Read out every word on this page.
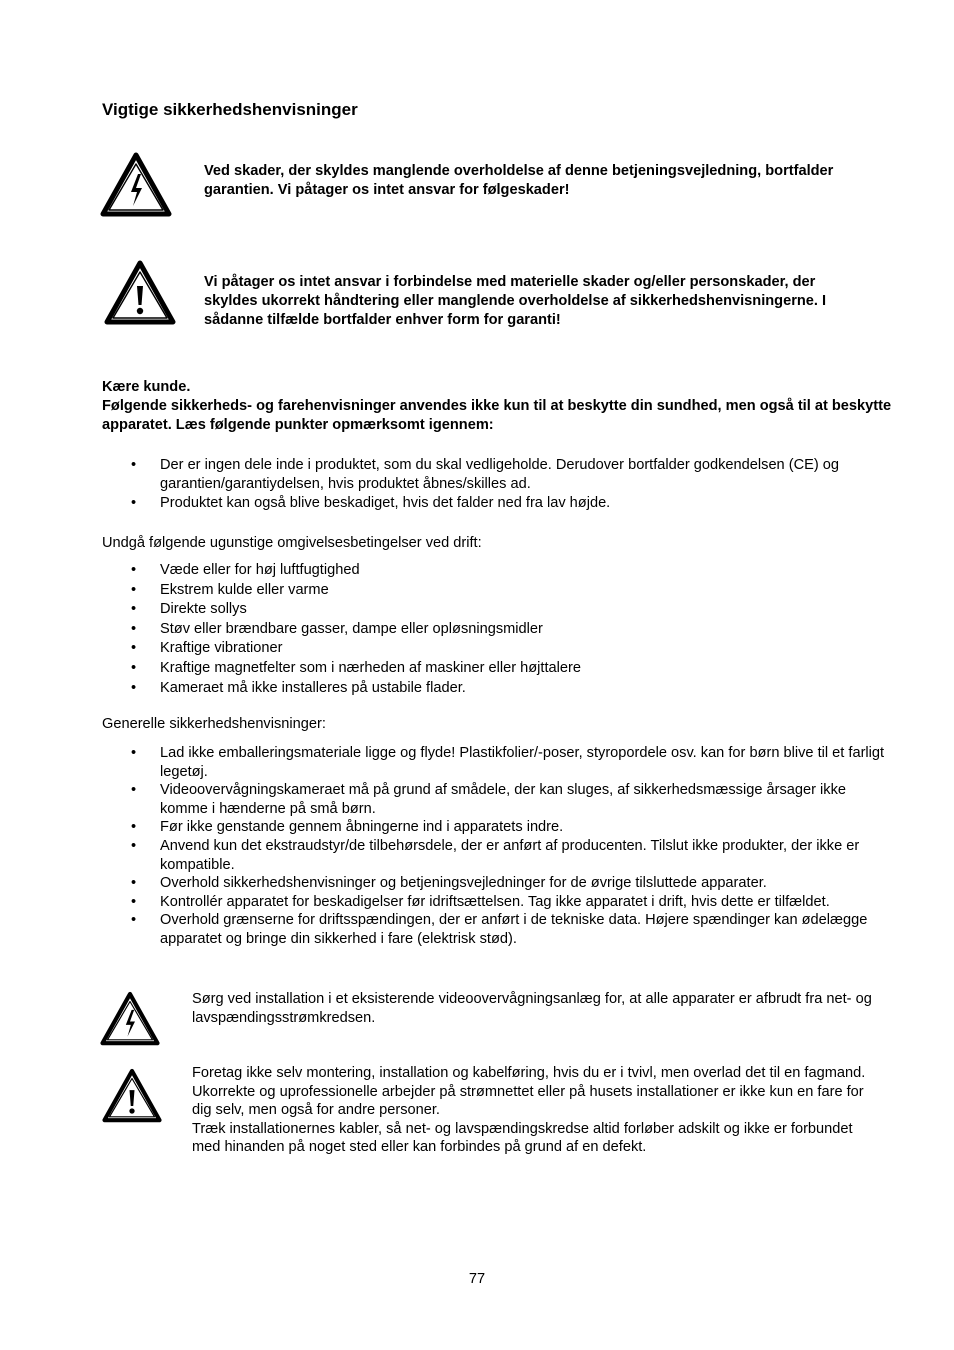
Vigtige sikkerhedshenvisninger

Ved skader, der skyldes manglende overholdelse af denne betjeningsvejledning, bortfalder garantien. Vi påtager os intet ansvar for følgeskader!

Vi påtager os intet ansvar i forbindelse med materielle skader og/eller personskader, der skyldes ukorrekt håndtering eller manglende overholdelse af sikkerhedshenvisningerne. I sådanne tilfælde bortfalder enhver form for garanti!

Kære kunde.

Følgende sikkerheds- og farehenvisninger anvendes ikke kun til at beskytte din sundhed, men også til at beskytte apparatet. Læs følgende punkter opmærksomt igennem:

• Der er ingen dele inde i produktet, som du skal vedligeholde. Derudover bortfalder godkendelsen (CE) og garantien/garantiydelsen, hvis produktet åbnes/skilles ad.
• Produktet kan også blive beskadiget, hvis det falder ned fra lav højde.

Undgå følgende ugunstige omgivelsesbetingelser ved drift:

• Væde eller for høj luftfugtighed
• Ekstrem kulde eller varme
• Direkte sollys
• Støv eller brændbare gasser, dampe eller opløsningsmidler
• Kraftige vibrationer
• Kraftige magnetfelter som i nærheden af maskiner eller højttalere
• Kameraet må ikke installeres på ustabile flader.

Generelle sikkerhedshenvisninger:

• Lad ikke emballeringsmateriale ligge og flyde! Plastikfolier/-poser, styropordele osv. kan for børn blive til et farligt legetøj.
• Videoovervågningskameraet må på grund af smådele, der kan sluges, af sikkerhedsmæssige årsager ikke komme i hænderne på små børn.
• Før ikke genstande gennem åbningerne ind i apparatets indre.
• Anvend kun det ekstraudstyr/de tilbehørsdele, der er anført af producenten. Tilslut ikke produkter, der ikke er kompatible.
• Overhold sikkerhedshenvisninger og betjeningsvejledninger for de øvrige tilsluttede apparater.
• Kontrollér apparatet for beskadigelser før idriftsættelsen. Tag ikke apparatet i drift, hvis dette er tilfældet.
• Overhold grænserne for driftsspændingen, der er anført i de tekniske data. Højere spændinger kan ødelægge apparatet og bringe din sikkerhed i fare (elektrisk stød).

Sørg ved installation i et eksisterende videoovervågningsanlæg for, at alle apparater er afbrudt fra net- og lavspændingsstrømkredsen.

Foretag ikke selv montering, installation og kabelføring, hvis du er i tvivl, men overlad det til en fagmand. Ukorrekte og uprofessionelle arbejder på strømnettet eller på husets installationer er ikke kun en fare for dig selv, men også for andre personer.

Træk installationernes kabler, så net- og lavspændingskredse altid forløber adskilt og ikke er forbundet med hinanden på noget sted eller kan forbindes på grund af en defekt.

77
